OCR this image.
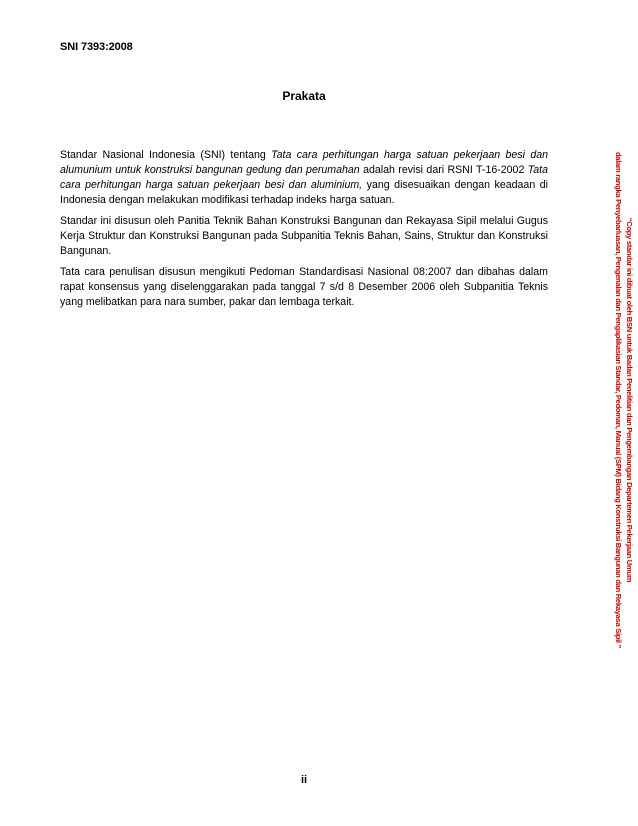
SNI 7393:2008
Prakata

Standar Nasional Indonesia (SNI) tentang Tata cara perhitungan harga satuan pekerjaan besi dan alumunium untuk konstruksi bangunan gedung dan perumahan adalah revisi dari RSNI T-16-2002 Tata cara perhitungan harga satuan pekerjaan besi dan aluminium, yang disesuaikan dengan keadaan di Indonesia dengan melakukan modifikasi terhadap indeks harga satuan.

Standar ini disusun oleh Panitia Teknik Bahan Konstruksi Bangunan dan Rekayasa Sipil melalui Gugus Kerja Struktur dan Konstruksi Bangunan pada Subpanitia Teknis Bahan, Sains, Struktur dan Konstruksi Bangunan.

Tata cara penulisan disusun mengikuti Pedoman Standardisasi Nasional 08:2007 dan dibahas dalam rapat konsensus yang diselenggarakan pada tanggal 7 s/d 8 Desember 2006 oleh Subpanitia Teknis yang melibatkan para nara sumber, pakar dan lembaga terkait.	“Copy standar ini dibuat oleh BSN untuk Badan Penelitian dan Pengembangan Departemen Pekerjaan Umum
dalam rangka Penyebarluasan, Pengenalan dan Pengaplikasian Standar, Pedoman, Manual (SPM) Bidang Konstruksi Bangunan dan Rekayasa Sipil ”
ii
